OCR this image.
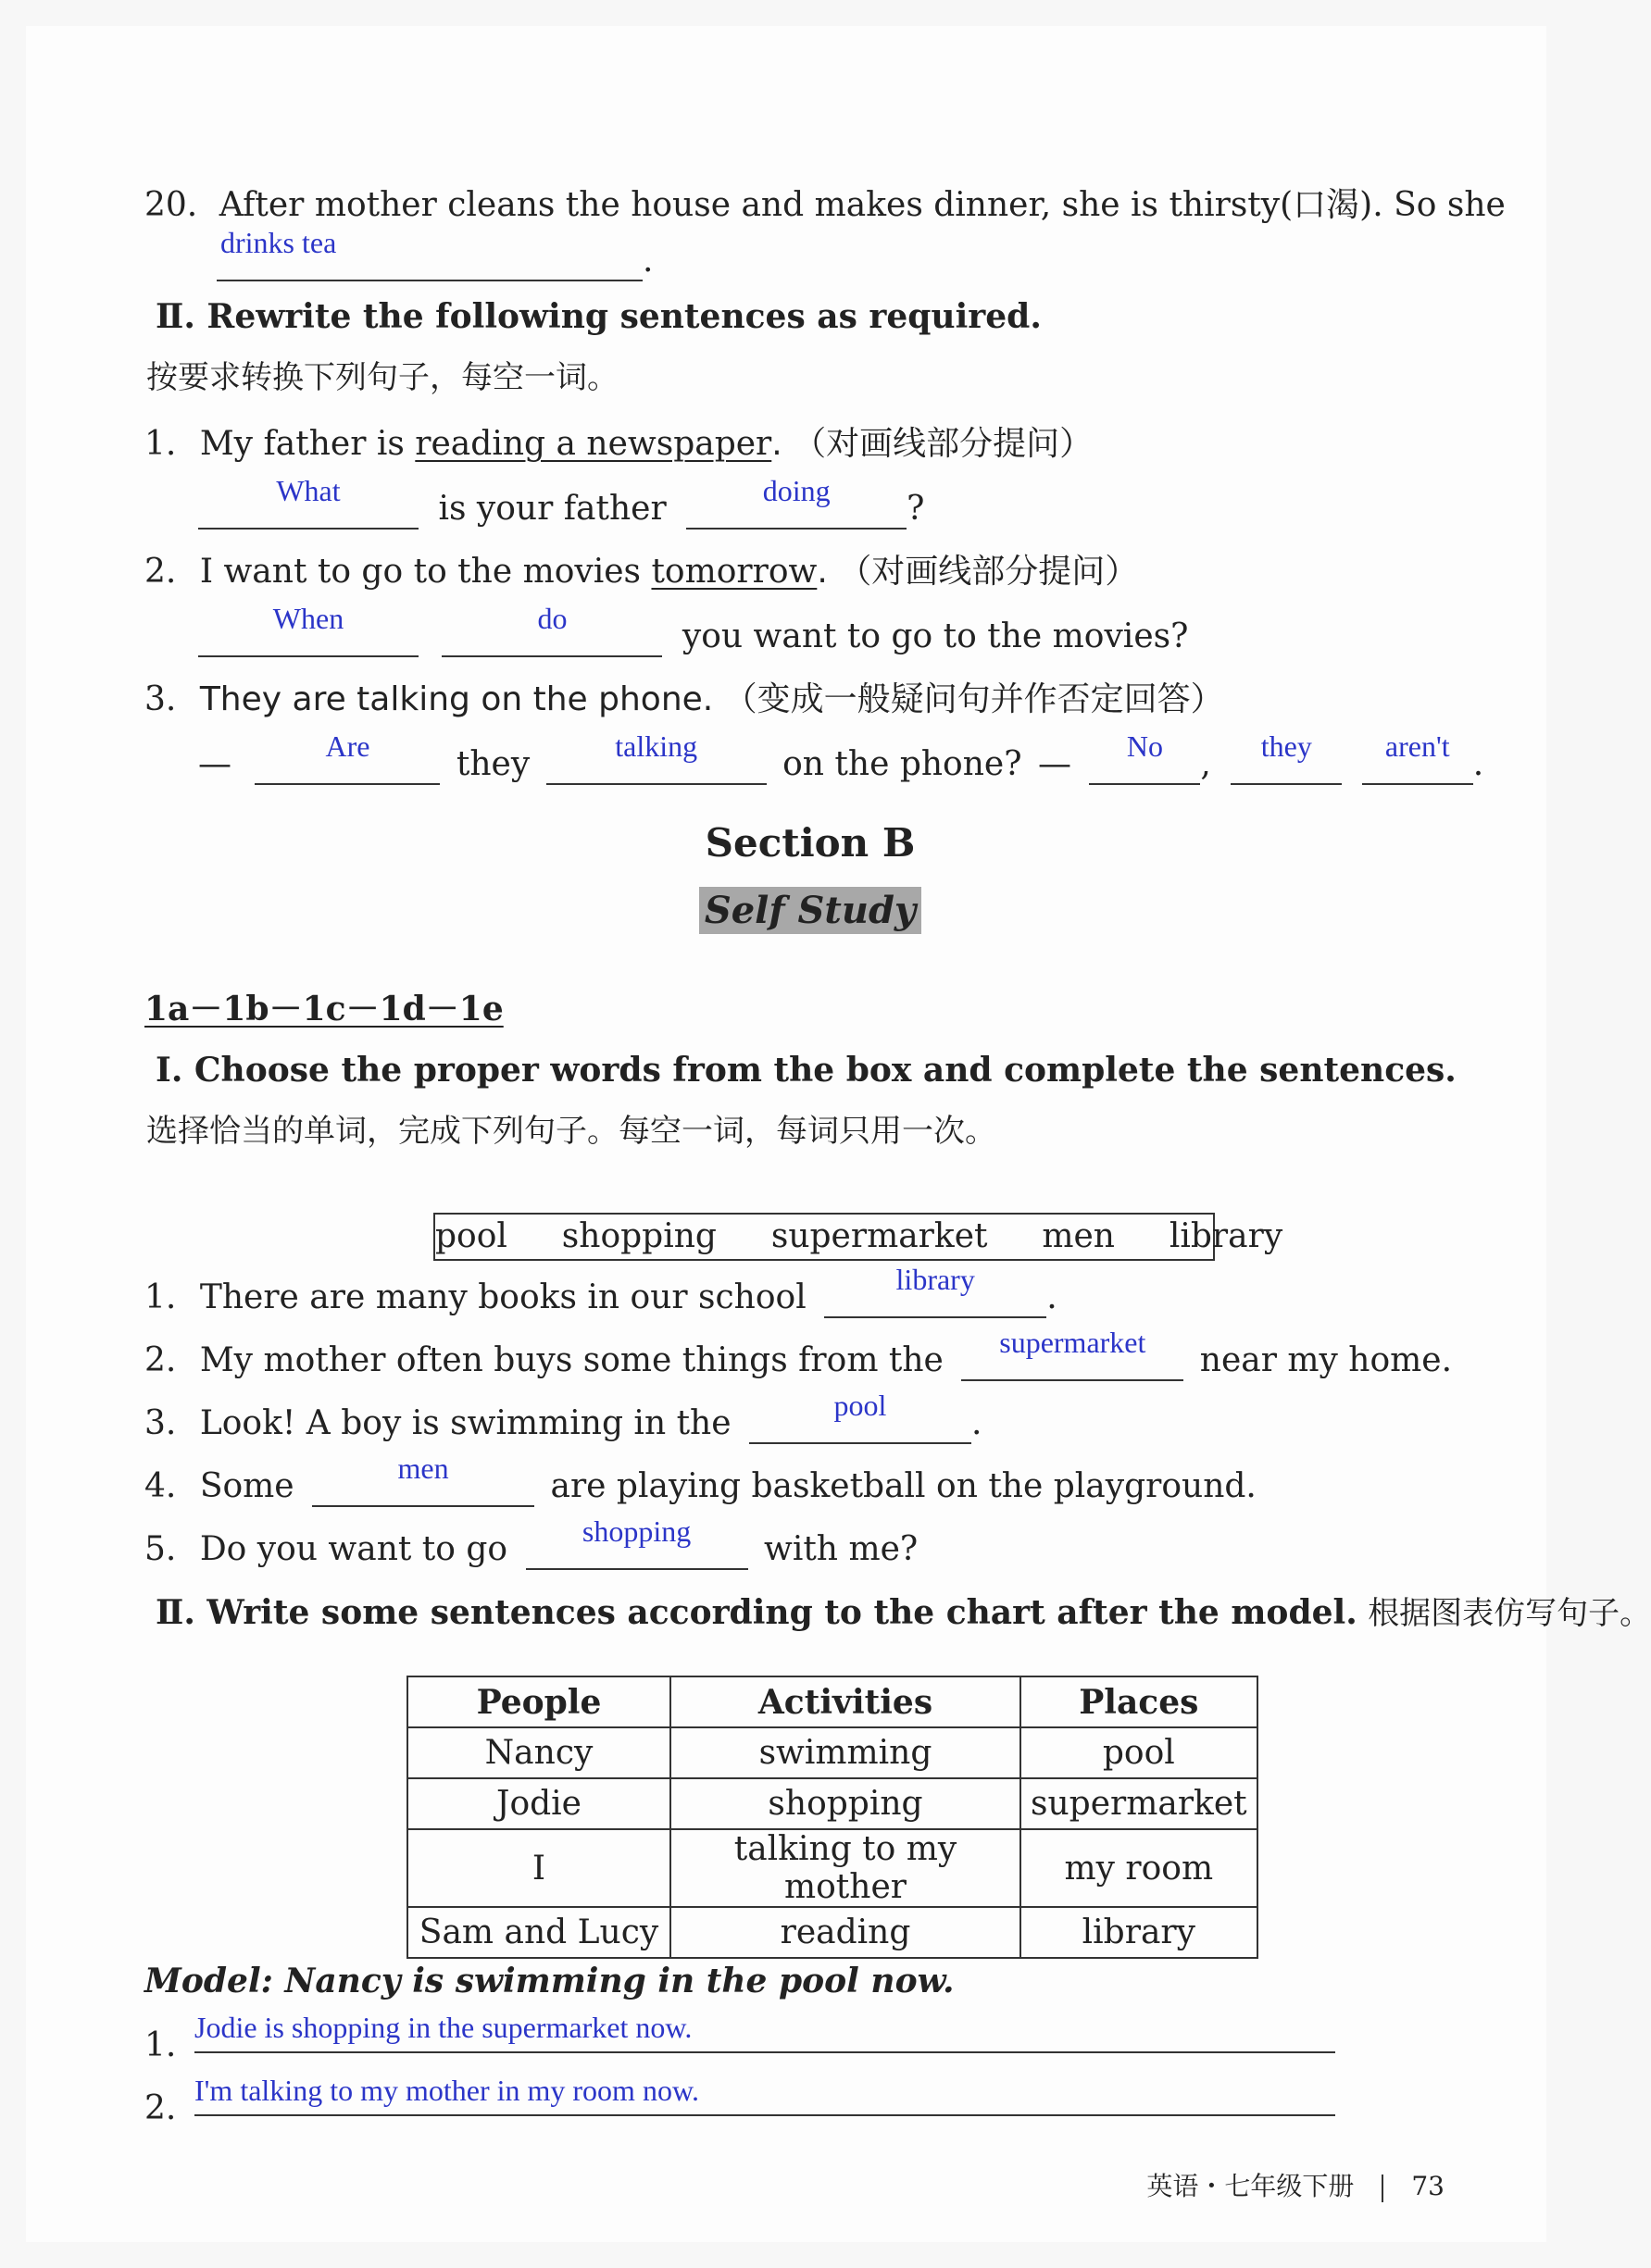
20. After mother cleans the house and makes dinner, she is thirsty(口渴). So she
drinks tea	.
Ⅱ. Rewrite the following sentences as required.
按要求转换下列句子，每空一词。
1. My father is reading a newspaper. （对画线部分提问）
What	is your father	doing	?
2. I want to go to the movies tomorrow. （对画线部分提问）
When
	do	you want to go to the movies?
3. They are talking on the phone. （变成一般疑问句并作否定回答）
—	Are	they	talking	on the phone? —	No	,	they
	aren't .
Section B
Self Study
1a－1b－1c－1d－1e
Ⅰ. Choose the proper words from the box and complete the sentences.
选择恰当的单词，完成下列句子。每空一词，每词只用一次。
pool  shopping  supermarket  men  library
1. There are many books in our school	library	.
2. My mother often buys some things from the	supermarket	near my home.
3. Look! A boy is swimming in the	pool	.
4. Some	men	are playing basketball on the playground.
5. Do you want to go	shopping	with me?
Ⅱ. Write some sentences according to the chart after the model. 根据图表仿写句子。
People	Activities	Places
Nancy	swimming	pool
Jodie	shopping	supermarket
I	talking to my mother	my room
Sam and Lucy	reading	library
Model: Nancy is swimming in the pool now.
1. Jodie is shopping in the supermarket now.
2. I'm talking to my mother in my room now.
英语・七年级下册 73
